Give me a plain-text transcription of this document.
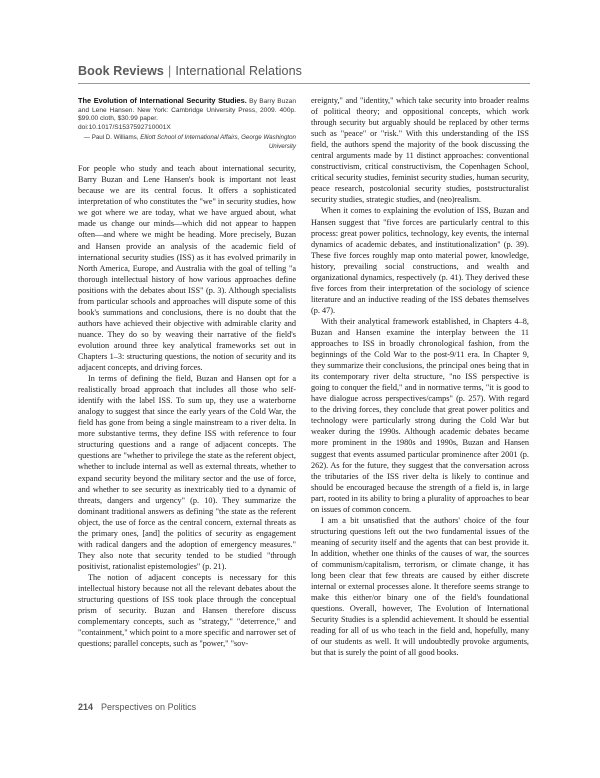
Book Reviews | International Relations
The Evolution of International Security Studies. By Barry Buzan and Lene Hansen. New York: Cambridge University Press, 2009. 400p. $99.00 cloth, $30.99 paper.
doi:10.1017/S1537592710001X
— Paul D. Williams, Elliott School of International Affairs, George Washington University

For people who study and teach about international security, Barry Buzan and Lene Hansen's book is important not least because we are its central focus. It offers a sophisticated interpretation of who constitutes the "we" in security studies, how we got where we are today, what we have argued about, what made us change our minds—which did not appear to happen often—and where we might be heading. More precisely, Buzan and Hansen provide an analysis of the academic field of international security studies (ISS) as it has evolved primarily in North America, Europe, and Australia with the goal of telling "a thorough intellectual history of how various approaches define positions with the debates about ISS" (p. 3). Although specialists from particular schools and approaches will dispute some of this book's summations and conclusions, there is no doubt that the authors have achieved their objective with admirable clarity and nuance. They do so by weaving their narrative of the field's evolution around three key analytical frameworks set out in Chapters 1–3: structuring questions, the notion of security and its adjacent concepts, and driving forces.

In terms of defining the field, Buzan and Hansen opt for a realistically broad approach that includes all those who self-identify with the label ISS. To sum up, they use a waterborne analogy to suggest that since the early years of the Cold War, the field has gone from being a single mainstream to a river delta. In more substantive terms, they define ISS with reference to four structuring questions and a range of adjacent concepts. The questions are "whether to privilege the state as the referent object, whether to include internal as well as external threats, whether to expand security beyond the military sector and the use of force, and whether to see security as inextricably tied to a dynamic of threats, dangers and urgency" (p. 10). They summarize the dominant traditional answers as defining "the state as the referent object, the use of force as the central concern, external threats as the primary ones, [and] the politics of security as engagement with radical dangers and the adoption of emergency measures." They also note that security tended to be studied "through positivist, rationalist epistemologies" (p. 21).

The notion of adjacent concepts is necessary for this intellectual history because not all the relevant debates about the structuring questions of ISS took place through the conceptual prism of security. Buzan and Hansen therefore discuss complementary concepts, such as "strategy," "deterrence," and "containment," which point to a more specific and narrower set of questions; parallel concepts, such as "power," "sov-

ereignty," and "identity," which take security into broader realms of political theory; and oppositional concepts, which work through security but arguably should be replaced by other terms such as "peace" or "risk." With this understanding of the ISS field, the authors spend the majority of the book discussing the central arguments made by 11 distinct approaches: conventional constructivism, critical constructivism, the Copenhagen School, critical security studies, feminist security studies, human security, peace research, postcolonial security studies, poststructuralist security studies, strategic studies, and (neo)realism.

When it comes to explaining the evolution of ISS, Buzan and Hansen suggest that "five forces are particularly central to this process: great power politics, technology, key events, the internal dynamics of academic debates, and institutionalization" (p. 39). These five forces roughly map onto material power, knowledge, history, prevailing social constructions, and wealth and organizational dynamics, respectively (p. 41). They derived these five forces from their interpretation of the sociology of science literature and an inductive reading of the ISS debates themselves (p. 47).

With their analytical framework established, in Chapters 4–8, Buzan and Hansen examine the interplay between the 11 approaches to ISS in broadly chronological fashion, from the beginnings of the Cold War to the post-9/11 era. In Chapter 9, they summarize their conclusions, the principal ones being that in its contemporary river delta structure, "no ISS perspective is going to conquer the field," and in normative terms, "it is good to have dialogue across perspectives/camps" (p. 257). With regard to the driving forces, they conclude that great power politics and technology were particularly strong during the Cold War but weaker during the 1990s. Although academic debates became more prominent in the 1980s and 1990s, Buzan and Hansen suggest that events assumed particular prominence after 2001 (p. 262). As for the future, they suggest that the conversation across the tributaries of the ISS river delta is likely to continue and should be encouraged because the strength of a field is, in large part, rooted in its ability to bring a plurality of approaches to bear on issues of common concern.

I am a bit unsatisfied that the authors' choice of the four structuring questions left out the two fundamental issues of the meaning of security itself and the agents that can best provide it. In addition, whether one thinks of the causes of war, the sources of communism/capitalism, terrorism, or climate change, it has long been clear that few threats are caused by either discrete internal or external processes alone. It therefore seems strange to make this either/or binary one of the field's foundational questions. Overall, however, The Evolution of International Security Studies is a splendid achievement. It should be essential reading for all of us who teach in the field and, hopefully, many of our students as well. It will undoubtedly provoke arguments, but that is surely the point of all good books.

214 Perspectives on Politics
